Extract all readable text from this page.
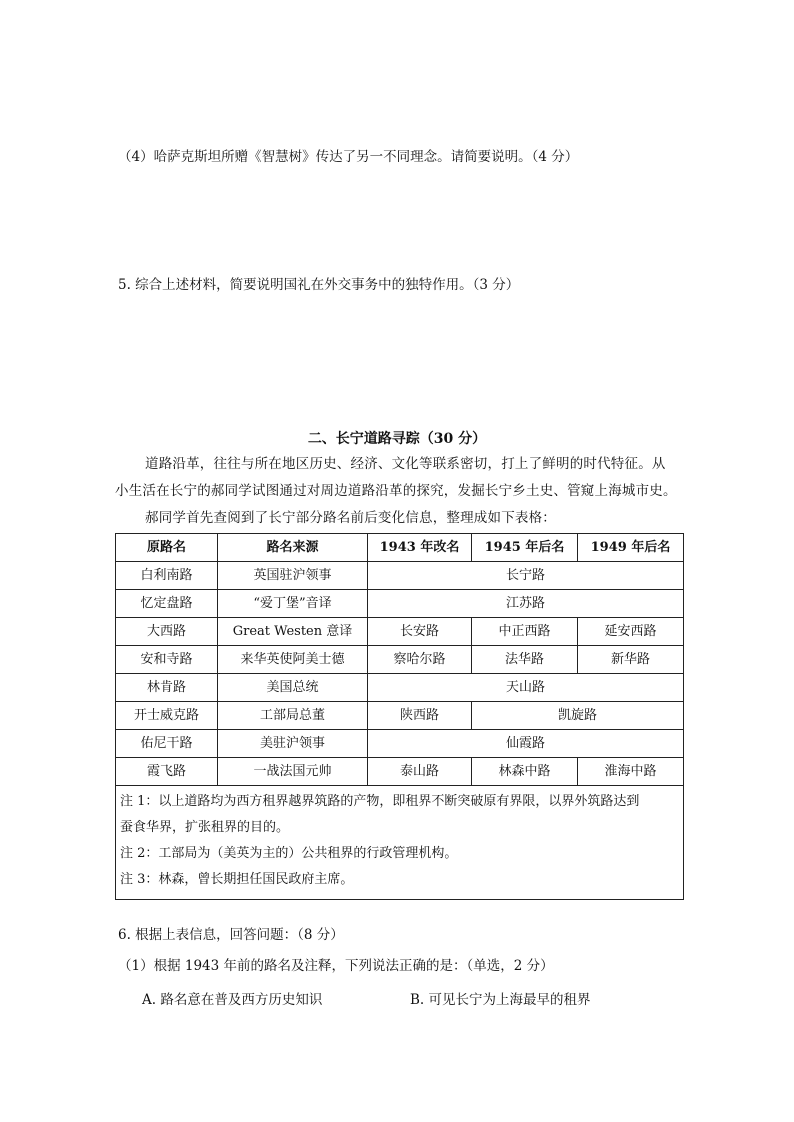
（4）哈萨克斯坦所赠《智慧树》传达了另一不同理念。请简要说明。（4 分）
5. 综合上述材料，简要说明国礼在外交事务中的独特作用。（3 分）
二、长宁道路寻踪（30 分）
道路沿革，往往与所在地区历史、经济、文化等联系密切，打上了鲜明的时代特征。从
小生活在长宁的郝同学试图通过对周边道路沿革的探究，发掘长宁乡土史、管窥上海城市史。
郝同学首先查阅到了长宁部分路名前后变化信息，整理成如下表格：
原路名	路名来源	1943 年改名	1945 年后名	1949 年后名
白利南路	英国驻沪领事	长宁路		
忆定盘路	“爱丁堡”音译	江苏路		
大西路	Great Westen 意译	长安路	中正西路	延安西路
安和寺路	来华英使阿美士德	察哈尔路	法华路	新华路
林肯路	美国总统	天山路		
开士威克路	工部局总董	陕西路	凯旋路	
佑尼干路	美驻沪领事	仙霞路		
霞飞路	一战法国元帅	泰山路	林森中路	淮海中路

注 1：以上道路均为西方租界越界筑路的产物，即租界不断突破原有界限，以界外筑路达到
蚕食华界，扩张租界的目的。
注 2：工部局为（美英为主的）公共租界的行政管理机构。
注 3：林森，曾长期担任国民政府主席。				
6. 根据上表信息，回答问题：（8 分）
（1）根据 1943 年前的路名及注释，下列说法正确的是：（单选，2 分）
A. 路名意在普及西方历史知识	B. 可见长宁为上海最早的租界
